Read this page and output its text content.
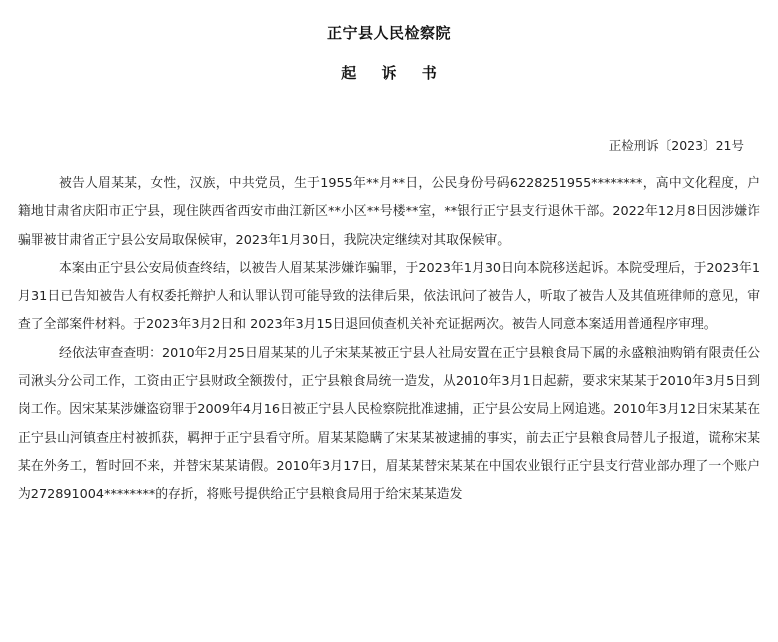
正宁县人民检察院
起 诉 书
正检刑诉〔2023〕21号

被告人眉某某，女性，汉族，中共党员，生于1955年**月**日，公民身份号码6228251955********，高中文化程度，户籍地甘肃省庆阳市正宁县，现住陕西省西安市曲江新区**小区**号楼**室，**银行正宁县支行退休干部。2022年12月8日因涉嫌诈骗罪被甘肃省正宁县公安局取保候审，2023年1月30日，我院决定继续对其取保候审。

本案由正宁县公安局侦查终结，以被告人眉某某涉嫌诈骗罪，于2023年1月30日向本院移送起诉。本院受理后，于2023年1月31日已告知被告人有权委托辩护人和认罪认罚可能导致的法律后果，依法讯问了被告人，听取了被告人及其值班律师的意见，审查了全部案件材料。于2023年3月2日和 2023年3月15日退回侦查机关补充证据两次。被告人同意本案适用普通程序审理。

经依法审查查明：2010年2月25日眉某某的儿子宋某某被正宁县人社局安置在正宁县粮食局下属的永盛粮油购销有限责任公司湫头分公司工作，工资由正宁县财政全额拨付，正宁县粮食局统一造发，从2010年3月1日起薪，要求宋某某于2010年3月5日到岗工作。因宋某某涉嫌盗窃罪于2009年4月16日被正宁县人民检察院批准逮捕，正宁县公安局上网追逃。2010年3月12日宋某某在正宁县山河镇查庄村被抓获，羁押于正宁县看守所。眉某某隐瞒了宋某某被逮捕的事实，前去正宁县粮食局替儿子报道，谎称宋某某在外务工，暂时回不来，并替宋某某请假。2010年3月17日，眉某某替宋某某在中国农业银行正宁县支行营业部办理了一个账户为272891004********的存折，将账号提供给正宁县粮食局用于给宋某某造发
